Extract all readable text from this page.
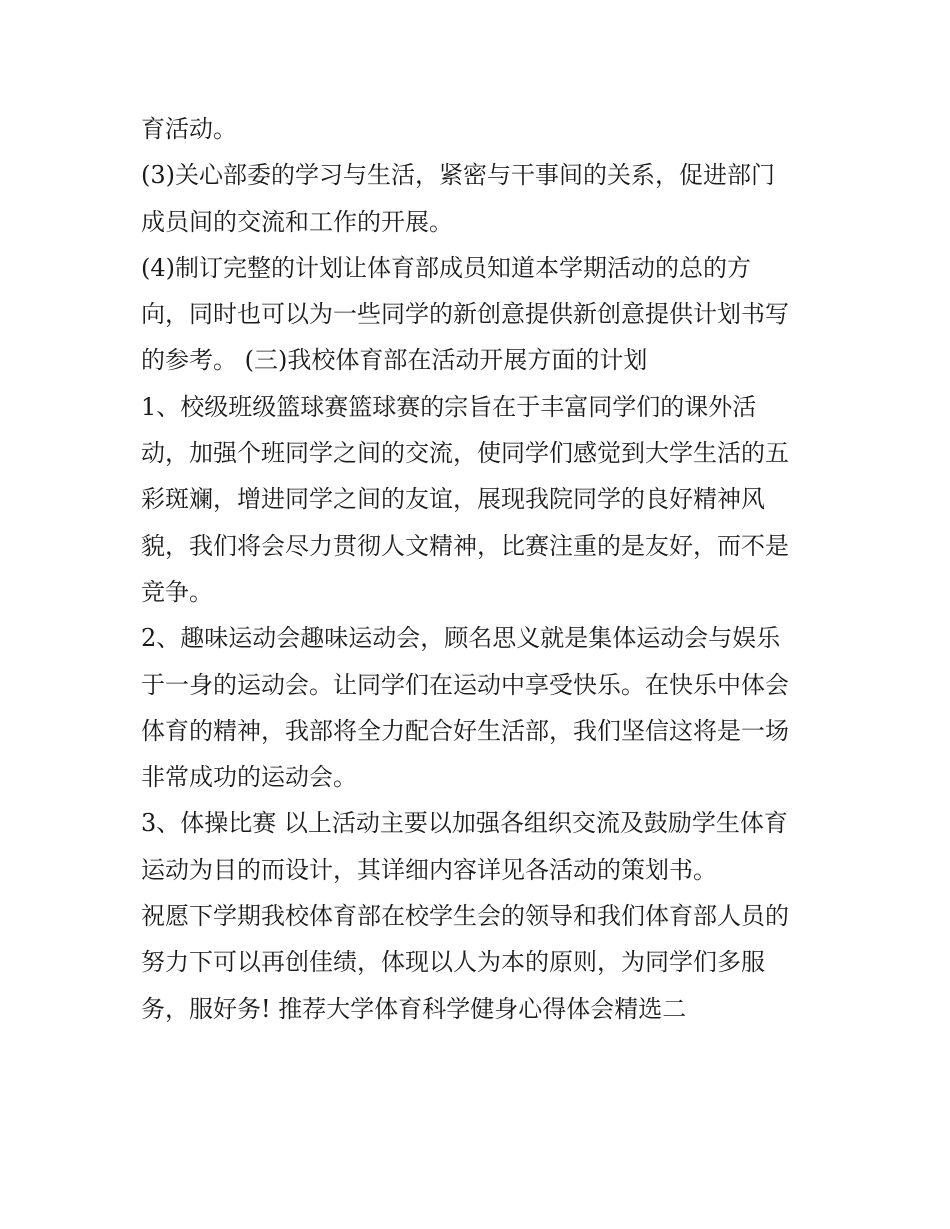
育活动。
(3)关心部委的学习与生活，紧密与干事间的关系，促进部门
成员间的交流和工作的开展。
(4)制订完整的计划让体育部成员知道本学期活动的总的方
向，同时也可以为一些同学的新创意提供新创意提供计划书写
的参考。 (三)我校体育部在活动开展方面的计划
1、校级班级篮球赛篮球赛的宗旨在于丰富同学们的课外活
动，加强个班同学之间的交流，使同学们感觉到大学生活的五
彩斑斓，增进同学之间的友谊，展现我院同学的良好精神风
貌，我们将会尽力贯彻人文精神，比赛注重的是友好，而不是
竞争。
2、趣味运动会趣味运动会，顾名思义就是集体运动会与娱乐
于一身的运动会。让同学们在运动中享受快乐。在快乐中体会
体育的精神，我部将全力配合好生活部，我们坚信这将是一场
非常成功的运动会。
3、体操比赛 以上活动主要以加强各组织交流及鼓励学生体育
运动为目的而设计，其详细内容详见各活动的策划书。
祝愿下学期我校体育部在校学生会的领导和我们体育部人员的
努力下可以再创佳绩，体现以人为本的原则，为同学们多服
务，服好务! 推荐大学体育科学健身心得体会精选二
